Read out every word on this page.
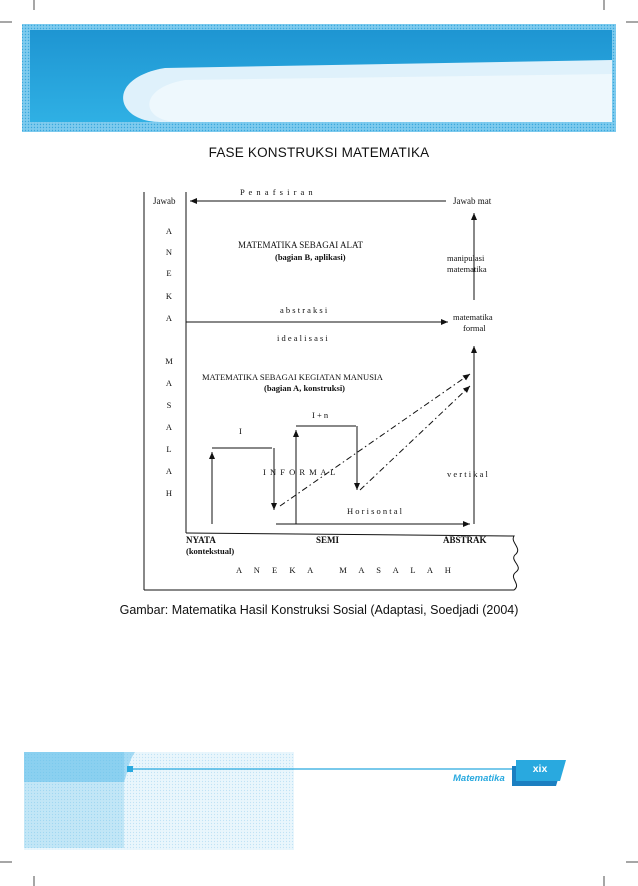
FASE KONSTRUKSI MATEMATIKA
Jawab
P e n a f s i r a n
Jawab mat
MATEMATIKA SEBAGAI ALAT
(bagian B, aplikasi)	manipulasi
matematika
a b s t r a k s i
matematika
formal
i d e a l i s a s i
MATEMATIKA SEBAGAI KEGIATAN MANUSIA
(bagian A, konstruksi)
I
I + n
I N F O R M A L	v e r t i k a l
H o r i s o n t a l
NYATA
(kontekstual)
SEMI	ABSTRAK
A N E K A   M A S A L A H
A
N
E
K
A
M
A
S
A
L
A
H
Gambar: Matematika Hasil Konstruksi Sosial (Adaptasi, Soedjadi (2004)
Matematika
xix
